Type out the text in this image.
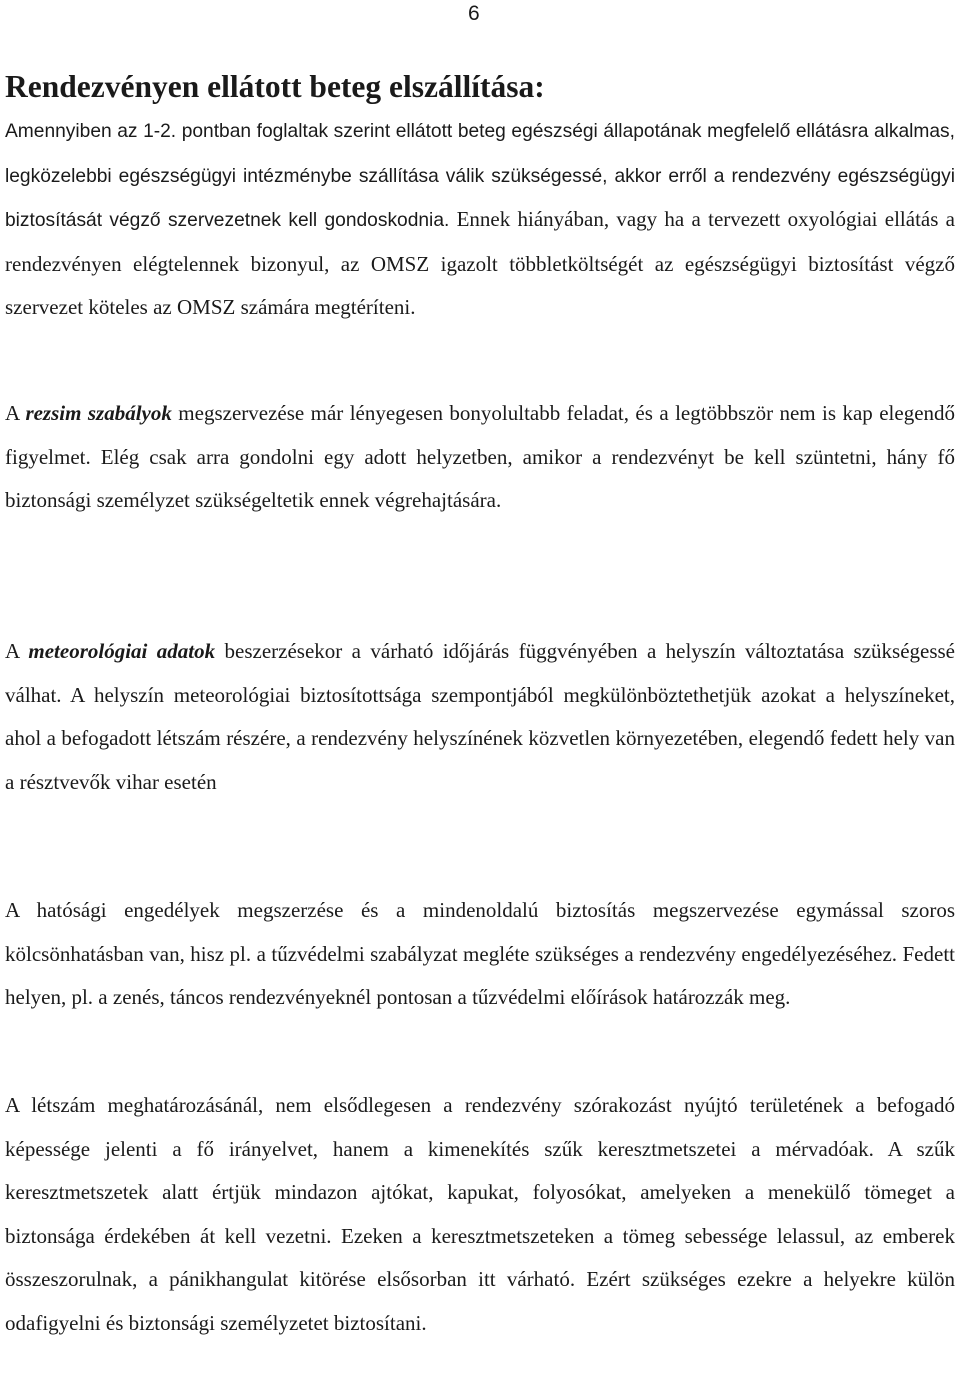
6
Rendezvényen ellátott beteg elszállítása:

Amennyiben az 1-2. pontban foglaltak szerint ellátott beteg egészségi állapotának megfelelő ellátásra alkalmas, legközelebbi egészségügyi intézménybe szállítása válik szükségessé, akkor erről a rendezvény egészségügyi biztosítását végző szervezetnek kell gondoskodnia. Ennek hiányában, vagy ha a tervezett oxyológiai ellátás a rendezvényen elégtelennek bizonyul, az OMSZ igazolt többletköltségét az egészségügyi biztosítást végző szervezet köteles az OMSZ számára megtéríteni.

A rezsim szabályok megszervezése már lényegesen bonyolultabb feladat, és a legtöbbször nem is kap elegendő figyelmet. Elég csak arra gondolni egy adott helyzetben, amikor a rendezvényt be kell szüntetni, hány fő biztonsági személyzet szükségeltetik ennek végrehajtására.

A meteorológiai adatok beszerzésekor a várható időjárás függvényében a helyszín változtatása szükségessé válhat. A helyszín meteorológiai biztosítottsága szempontjából megkülönböztethetjük azokat a helyszíneket, ahol a befogadott létszám részére, a rendezvény helyszínének közvetlen környezetében, elegendő fedett hely van a résztvevők vihar esetén

A hatósági engedélyek megszerzése és a mindenoldalú biztosítás megszervezése egymással szoros kölcsönhatásban van, hisz pl. a tűzvédelmi szabályzat megléte szükséges a rendezvény engedélyezéséhez. Fedett helyen, pl. a zenés, táncos rendezvényeknél pontosan a tűzvédelmi előírások határozzák meg.

A létszám meghatározásánál, nem elsődlegesen a rendezvény szórakozást nyújtó területének a befogadó képessége jelenti a fő irányelvet, hanem a kimenekítés szűk keresztmetszetei a mérvadóak. A szűk keresztmetszetek alatt értjük mindazon ajtókat, kapukat, folyosókat, amelyeken a menekülő tömeget a biztonsága érdekében át kell vezetni. Ezeken a keresztmetszeteken a tömeg sebessége lelassul, az emberek összeszorulnak, a pánikhangulat kitörése elsősorban itt várható. Ezért szükséges ezekre a helyekre külön odafigyelni és biztonsági személyzetet biztosítani.
